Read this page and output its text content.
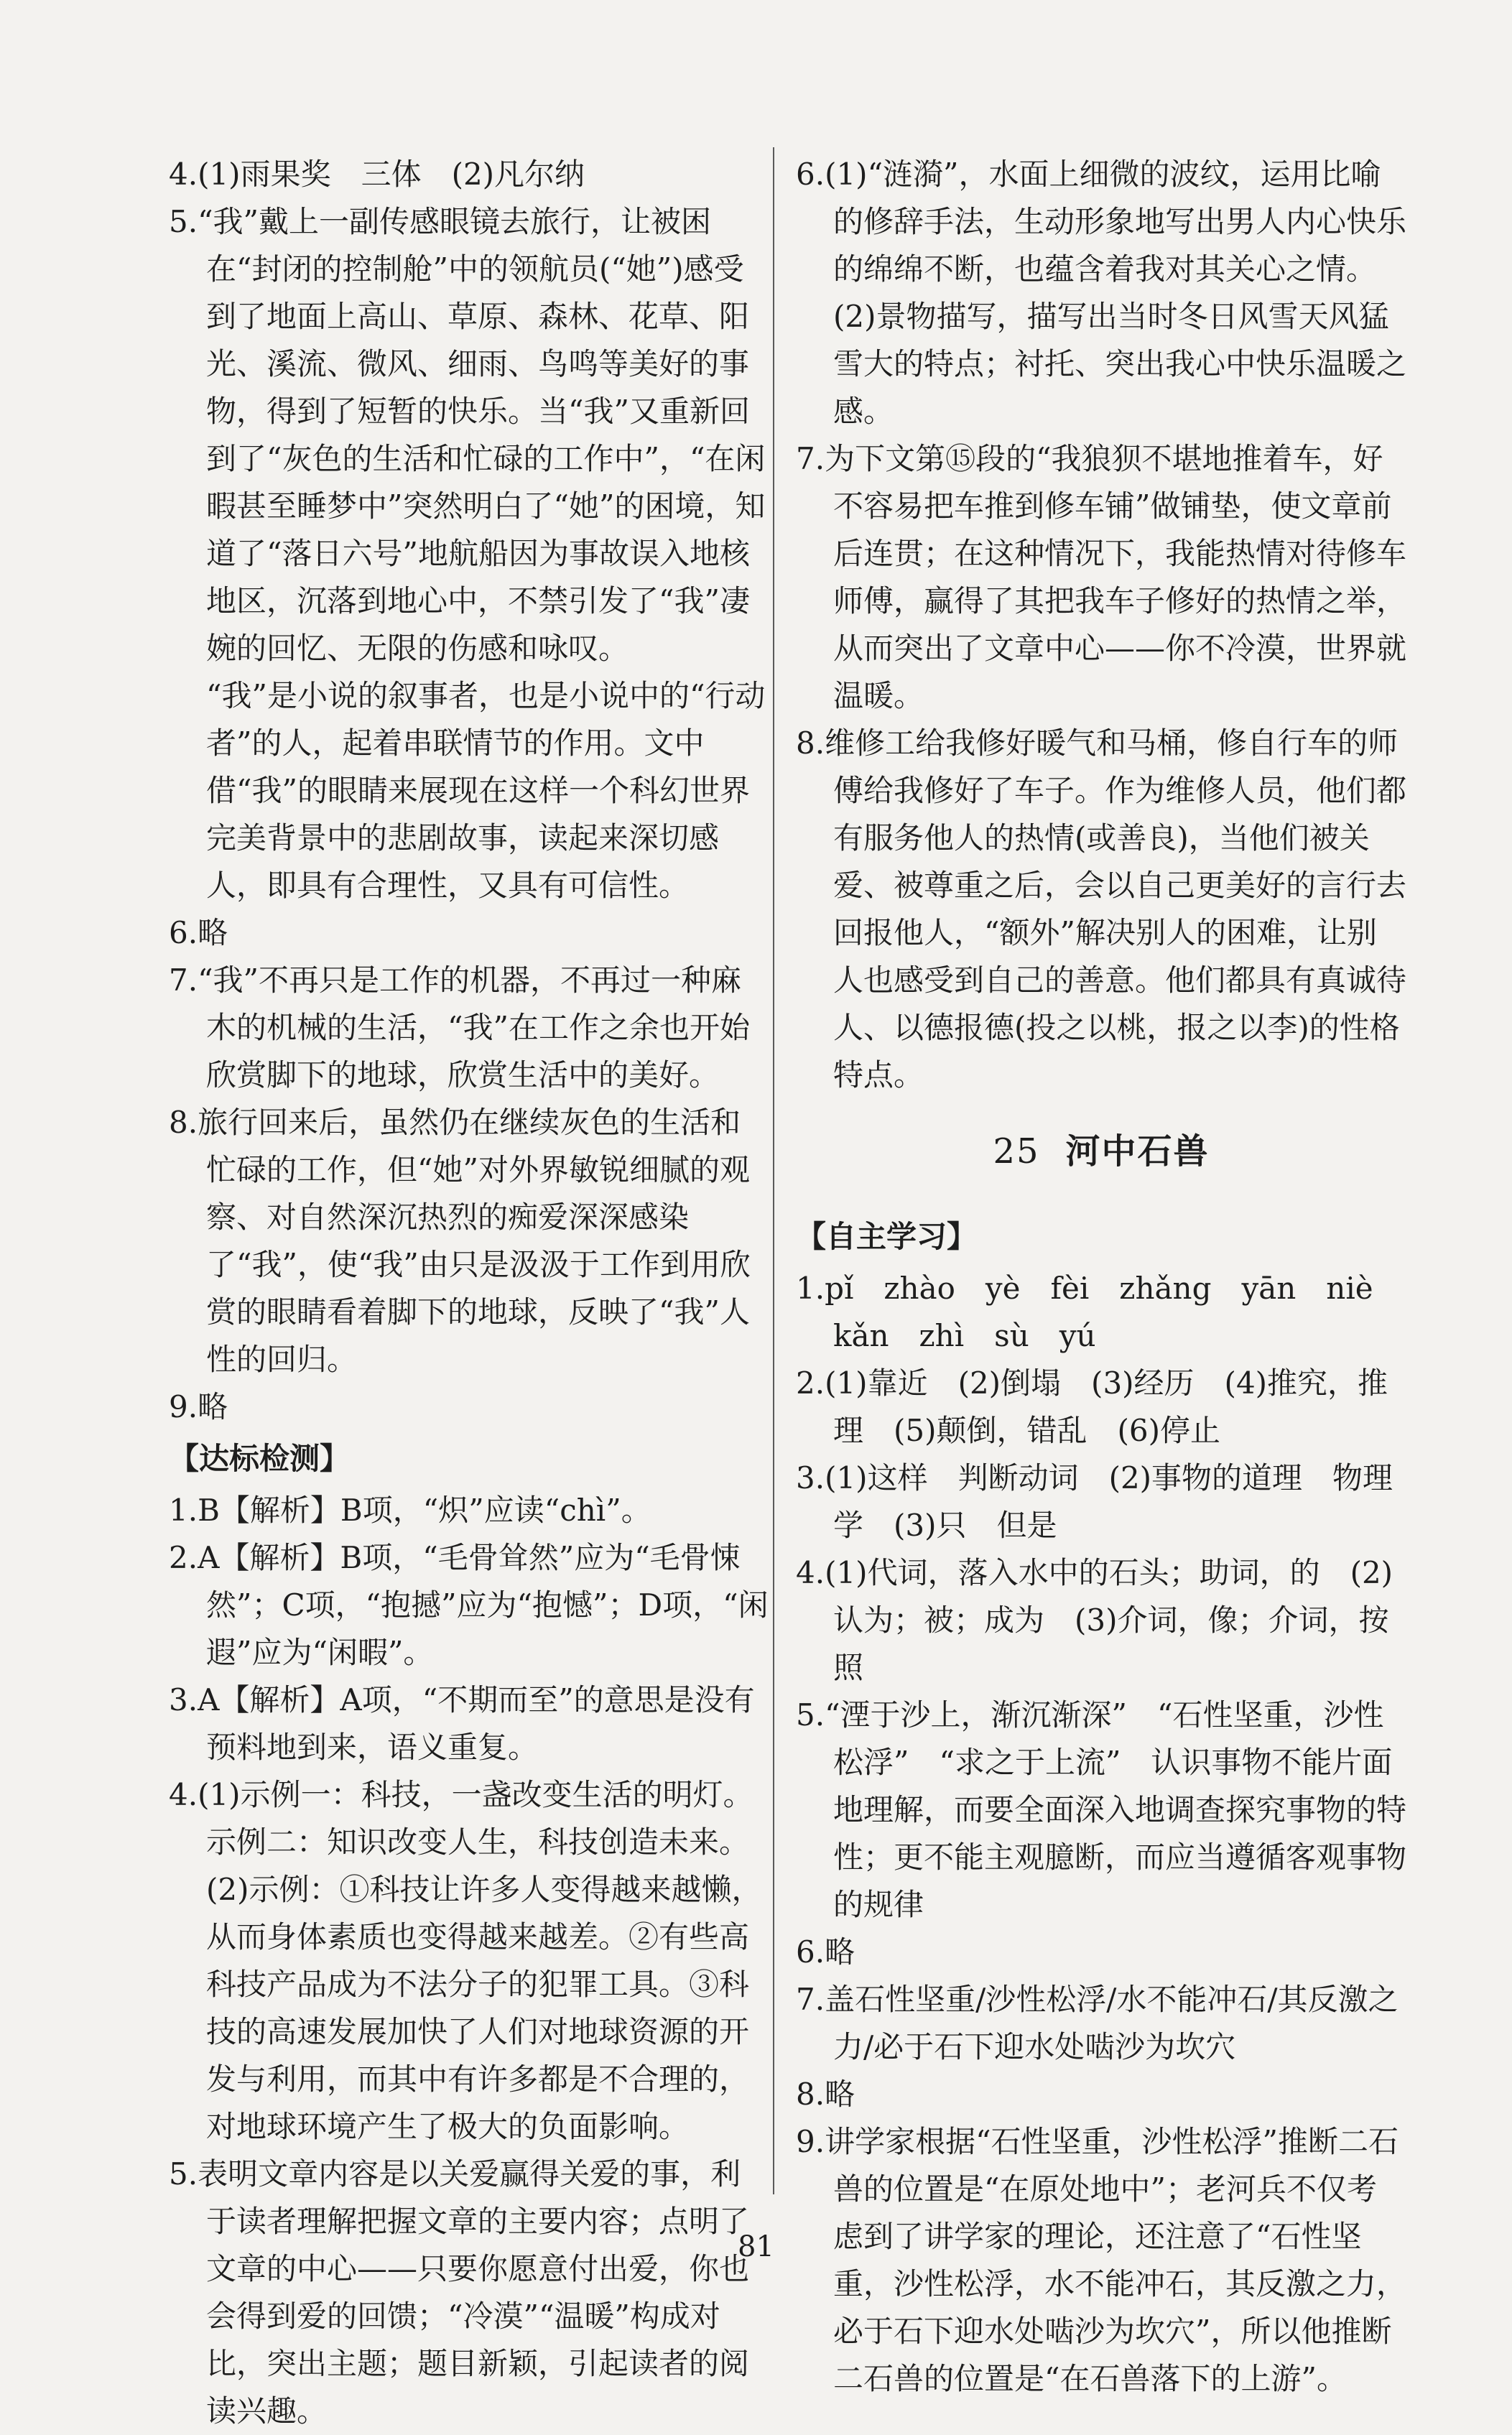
4.(1)雨果奖　三体　(2)凡尔纳
5.“我”戴上一副传感眼镜去旅行，让被困在“封闭的控制舱”中的领航员(“她”)感受到了地面上高山、草原、森林、花草、阳光、溪流、微风、细雨、鸟鸣等美好的事物，得到了短暂的快乐。当“我”又重新回到了“灰色的生活和忙碌的工作中”，“在闲暇甚至睡梦中”突然明白了“她”的困境，知道了“落日六号”地航船因为事故误入地核地区，沉落到地心中，不禁引发了“我”凄婉的回忆、无限的伤感和咏叹。
“我”是小说的叙事者，也是小说中的“行动者”的人，起着串联情节的作用。文中借“我”的眼睛来展现在这样一个科幻世界完美背景中的悲剧故事，读起来深切感人，即具有合理性，又具有可信性。
6.略
7.“我”不再只是工作的机器，不再过一种麻木的机械的生活，“我”在工作之余也开始欣赏脚下的地球，欣赏生活中的美好。
8.旅行回来后，虽然仍在继续灰色的生活和忙碌的工作，但“她”对外界敏锐细腻的观察、对自然深沉热烈的痴爱深深感染了“我”，使“我”由只是汲汲于工作到用欣赏的眼睛看着脚下的地球，反映了“我”人性的回归。
9.略
【达标检测】
1.B【解析】B项，“炽”应读“chì”。
2.A【解析】B项，“毛骨耸然”应为“毛骨悚然”；C项，“抱撼”应为“抱憾”；D项，“闲遐”应为“闲暇”。
3.A【解析】A项，“不期而至”的意思是没有预料地到来，语义重复。
4.(1)示例一：科技，一盏改变生活的明灯。
示例二：知识改变人生，科技创造未来。
(2)示例：①科技让许多人变得越来越懒，从而身体素质也变得越来越差。②有些高科技产品成为不法分子的犯罪工具。③科技的高速发展加快了人们对地球资源的开发与利用，而其中有许多都是不合理的，对地球环境产生了极大的负面影响。
5.表明文章内容是以关爱赢得关爱的事，利于读者理解把握文章的主要内容；点明了文章的中心——只要你愿意付出爱，你也会得到爱的回馈；“冷漠”“温暖”构成对比，突出主题；题目新颖，引起读者的阅读兴趣。
6.(1)“涟漪”，水面上细微的波纹，运用比喻的修辞手法，生动形象地写出男人内心快乐的绵绵不断，也蕴含着我对其关心之情。
(2)景物描写，描写出当时冬日风雪天风猛雪大的特点；衬托、突出我心中快乐温暖之感。
7.为下文第⑮段的“我狼狈不堪地推着车，好不容易把车推到修车铺”做铺垫，使文章前后连贯；在这种情况下，我能热情对待修车师傅，赢得了其把我车子修好的热情之举，从而突出了文章中心——你不冷漠，世界就温暖。
8.维修工给我修好暖气和马桶，修自行车的师傅给我修好了车子。作为维修人员，他们都有服务他人的热情(或善良)，当他们被关爱、被尊重之后，会以自己更美好的言行去回报他人，“额外”解决别人的困难，让别人也感受到自己的善意。他们都具有真诚待人、以德报德(投之以桃，报之以李)的性格特点。
25 河中石兽
【自主学习】
1.pǐ　zhào　yè　fèi　zhǎng　yān　niè
kǎn　zhì　sù　yú
2.(1)靠近　(2)倒塌　(3)经历　(4)推究，推理　(5)颠倒，错乱　(6)停止
3.(1)这样　判断动词　(2)事物的道理　物理学　(3)只　但是
4.(1)代词，落入水中的石头；助词，的　(2)认为；被；成为　(3)介词，像；介词，按照
5.“湮于沙上，渐沉渐深”　“石性坚重，沙性松浮”　“求之于上流”　认识事物不能片面地理解，而要全面深入地调查探究事物的特性；更不能主观臆断，而应当遵循客观事物的规律
6.略
7.盖石性坚重/沙性松浮/水不能冲石/其反激之力/必于石下迎水处啮沙为坎穴
8.略
9.讲学家根据“石性坚重，沙性松浮”推断二石兽的位置是“在原处地中”；老河兵不仅考虑到了讲学家的理论，还注意了“石性坚重，沙性松浮，水不能冲石，其反激之力，必于石下迎水处啮沙为坎穴”，所以他推断二石兽的位置是“在石兽落下的上游”。
81
